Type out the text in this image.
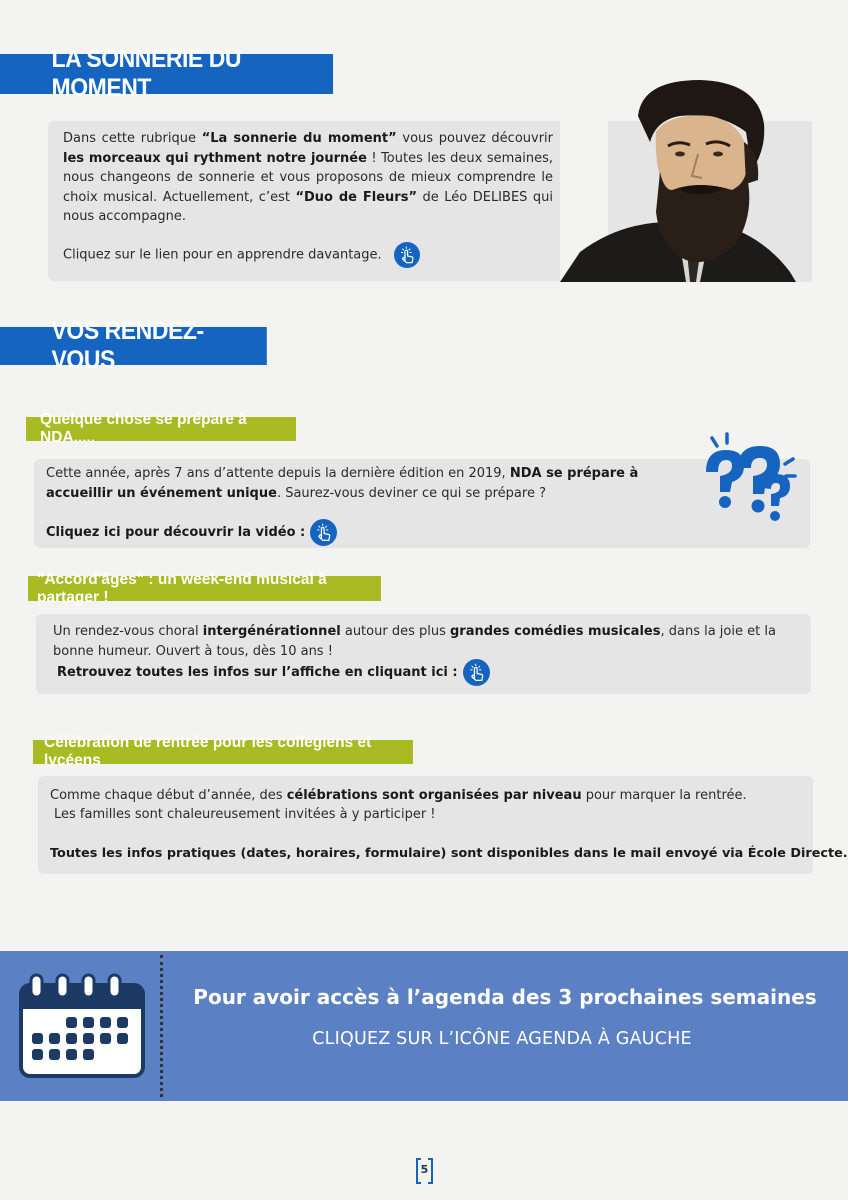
LA SONNERIE DU MOMENT
Dans cette rubrique “La sonnerie du moment” vous pouvez découvrir les morceaux qui rythment notre journée ! Toutes les deux semaines, nous changeons de sonnerie et vous proposons de mieux comprendre le choix musical. Actuellement, c’est “Duo de Fleurs” de Léo DELIBES qui nous accompagne.
Cliquez sur le lien pour en apprendre davantage.
VOS RENDEZ-VOUS
Quelque chose se prépare à NDA.....
Cette année, après 7 ans d’attente depuis la dernière édition en 2019, NDA se prépare à accueillir un événement unique. Saurez-vous deviner ce qui se prépare ?
Cliquez ici pour découvrir la vidéo :
"Accord'âges" : un week-end musical à partager !
Un rendez-vous choral intergénérationnel autour des plus grandes comédies musicales, dans la joie et la bonne humeur. Ouvert à tous, dès 10 ans !
Retrouvez toutes les infos sur l’affiche en cliquant ici :
Célébration de rentrée pour les collègiens et lycéens
Comme chaque début d’année, des célébrations sont organisées par niveau pour marquer la rentrée.
Les familles sont chaleureusement invitées à y participer !
Toutes les infos pratiques (dates, horaires, formulaire) sont disponibles dans le mail envoyé via École Directe.
Pour avoir accès à l’agenda des 3 prochaines semaines
CLIQUEZ SUR L’ICÔNE AGENDA À GAUCHE
5
